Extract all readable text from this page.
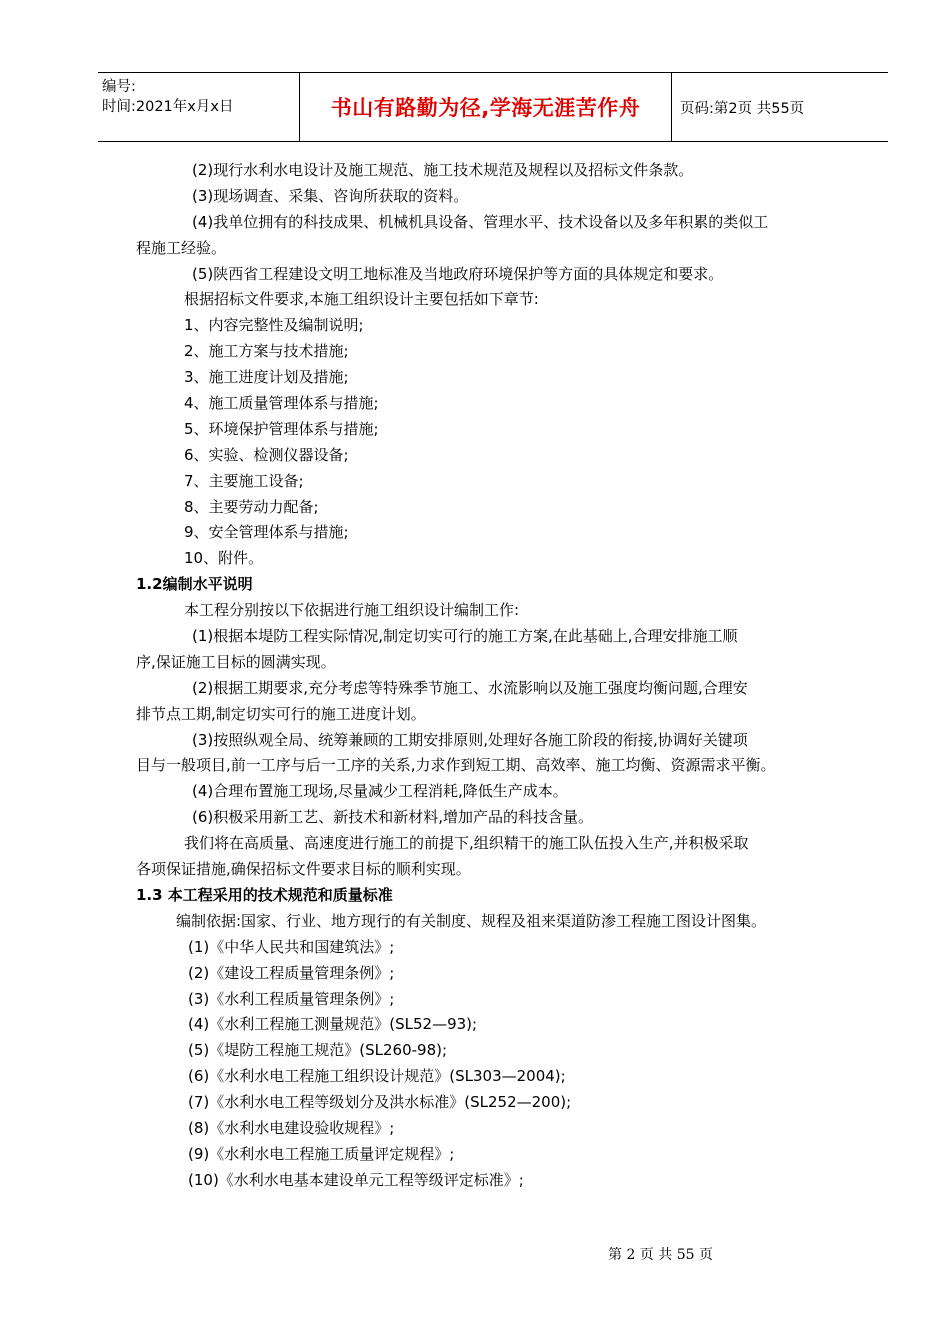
编号:
时间:2021年x月x日	书山有路勤为径,学海无涯苦作舟	页码:第2页 共55页
(2)现行水利水电设计及施工规范、施工技术规范及规程以及招标文件条款。
(3)现场调查、采集、咨询所获取的资料。
(4)我单位拥有的科技成果、机械机具设备、管理水平、技术设备以及多年积累的类似工
程施工经验。
(5)陕西省工程建设文明工地标准及当地政府环境保护等方面的具体规定和要求。
根据招标文件要求,本施工组织设计主要包括如下章节:
1、内容完整性及编制说明;
2、施工方案与技术措施;
3、施工进度计划及措施;
4、施工质量管理体系与措施;
5、环境保护管理体系与措施;
6、实验、检测仪器设备;
7、主要施工设备;
8、主要劳动力配备;
9、安全管理体系与措施;
10、附件。
1.2编制水平说明
本工程分别按以下依据进行施工组织设计编制工作:
(1)根据本堤防工程实际情况,制定切实可行的施工方案,在此基础上,合理安排施工顺
序,保证施工目标的圆满实现。
(2)根据工期要求,充分考虑等特殊季节施工、水流影响以及施工强度均衡问题,合理安
排节点工期,制定切实可行的施工进度计划。
(3)按照纵观全局、统筹兼顾的工期安排原则,处理好各施工阶段的衔接,协调好关键项
目与一般项目,前一工序与后一工序的关系,力求作到短工期、高效率、施工均衡、资源需求平衡。
(4)合理布置施工现场,尽量减少工程消耗,降低生产成本。
(6)积极采用新工艺、新技术和新材料,增加产品的科技含量。
我们将在高质量、高速度进行施工的前提下,组织精干的施工队伍投入生产,并积极采取
各项保证措施,确保招标文件要求目标的顺利实现。
1.3 本工程采用的技术规范和质量标准
编制依据:国家、行业、地方现行的有关制度、规程及祖来渠道防渗工程施工图设计图集。
(1)《中华人民共和国建筑法》;
(2)《建设工程质量管理条例》;
(3)《水利工程质量管理条例》;
(4)《水利工程施工测量规范》(SL52—93);
(5)《堤防工程施工规范》(SL260-98);
(6)《水利水电工程施工组织设计规范》(SL303—2004);
(7)《水利水电工程等级划分及洪水标准》(SL252—200);
(8)《水利水电建设验收规程》;
(9)《水利水电工程施工质量评定规程》;
(10)《水利水电基本建设单元工程等级评定标准》;
第 2 页 共 55 页
